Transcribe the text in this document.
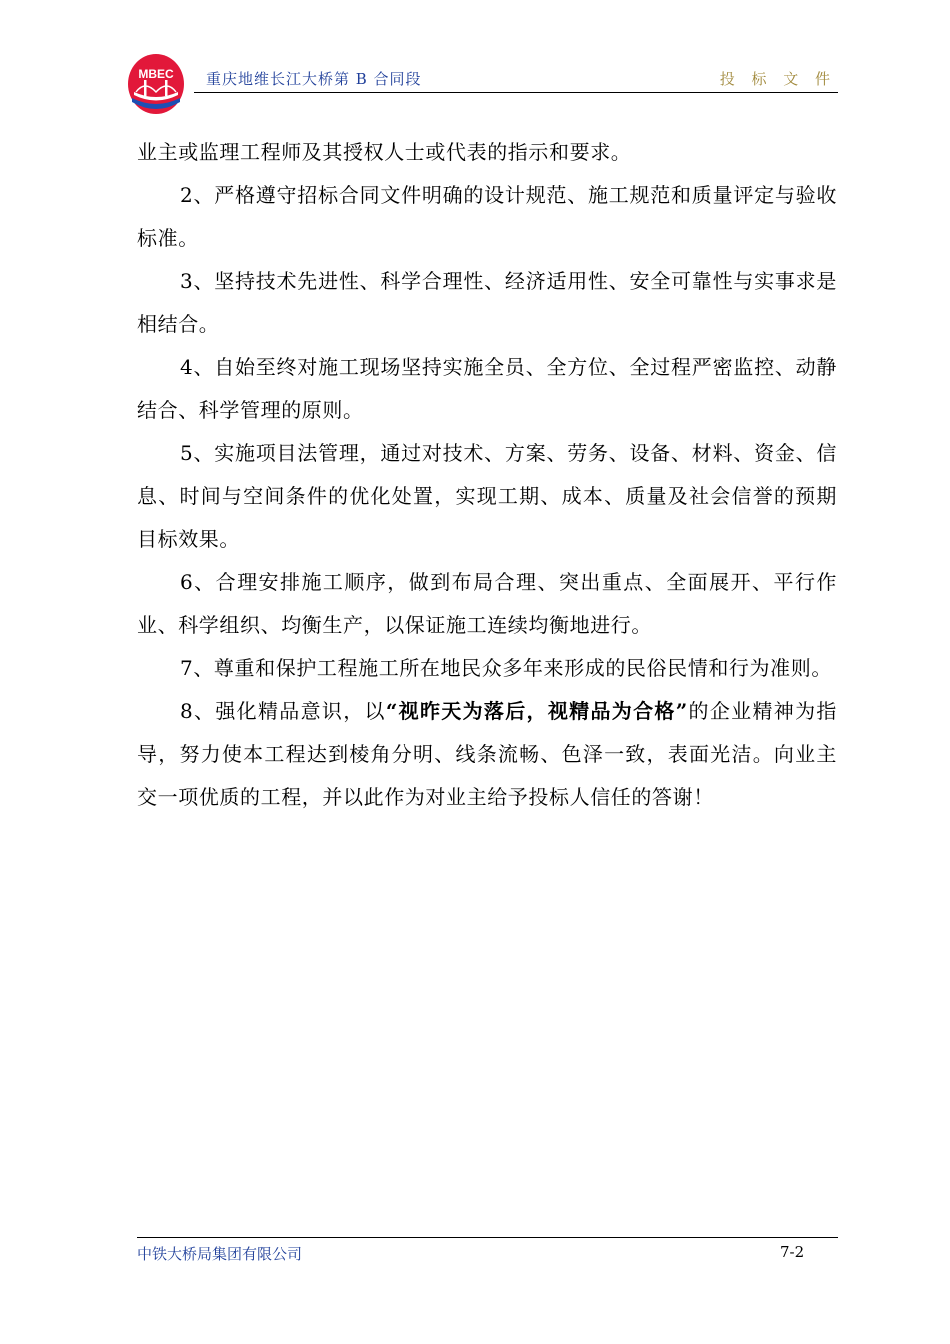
MBEC 重庆地维长江大桥第 B 合同段	投 标 文 件

业主或监理工程师及其授权人士或代表的指示和要求。

2、严格遵守招标合同文件明确的设计规范、施工规范和质量评定与验收标准。

3、坚持技术先进性、科学合理性、经济适用性、安全可靠性与实事求是相结合。

4、自始至终对施工现场坚持实施全员、全方位、全过程严密监控、动静结合、科学管理的原则。

5、实施项目法管理，通过对技术、方案、劳务、设备、材料、资金、信息、时间与空间条件的优化处置，实现工期、成本、质量及社会信誉的预期目标效果。

6、合理安排施工顺序，做到布局合理、突出重点、全面展开、平行作业、科学组织、均衡生产，以保证施工连续均衡地进行。

7、尊重和保护工程施工所在地民众多年来形成的民俗民情和行为准则。

8、强化精品意识，以“视昨天为落后，视精品为合格”的企业精神为指导，努力使本工程达到棱角分明、线条流畅、色泽一致，表面光洁。向业主交一项优质的工程，并以此作为对业主给予投标人信任的答谢！

中铁大桥局集团有限公司	7-2
